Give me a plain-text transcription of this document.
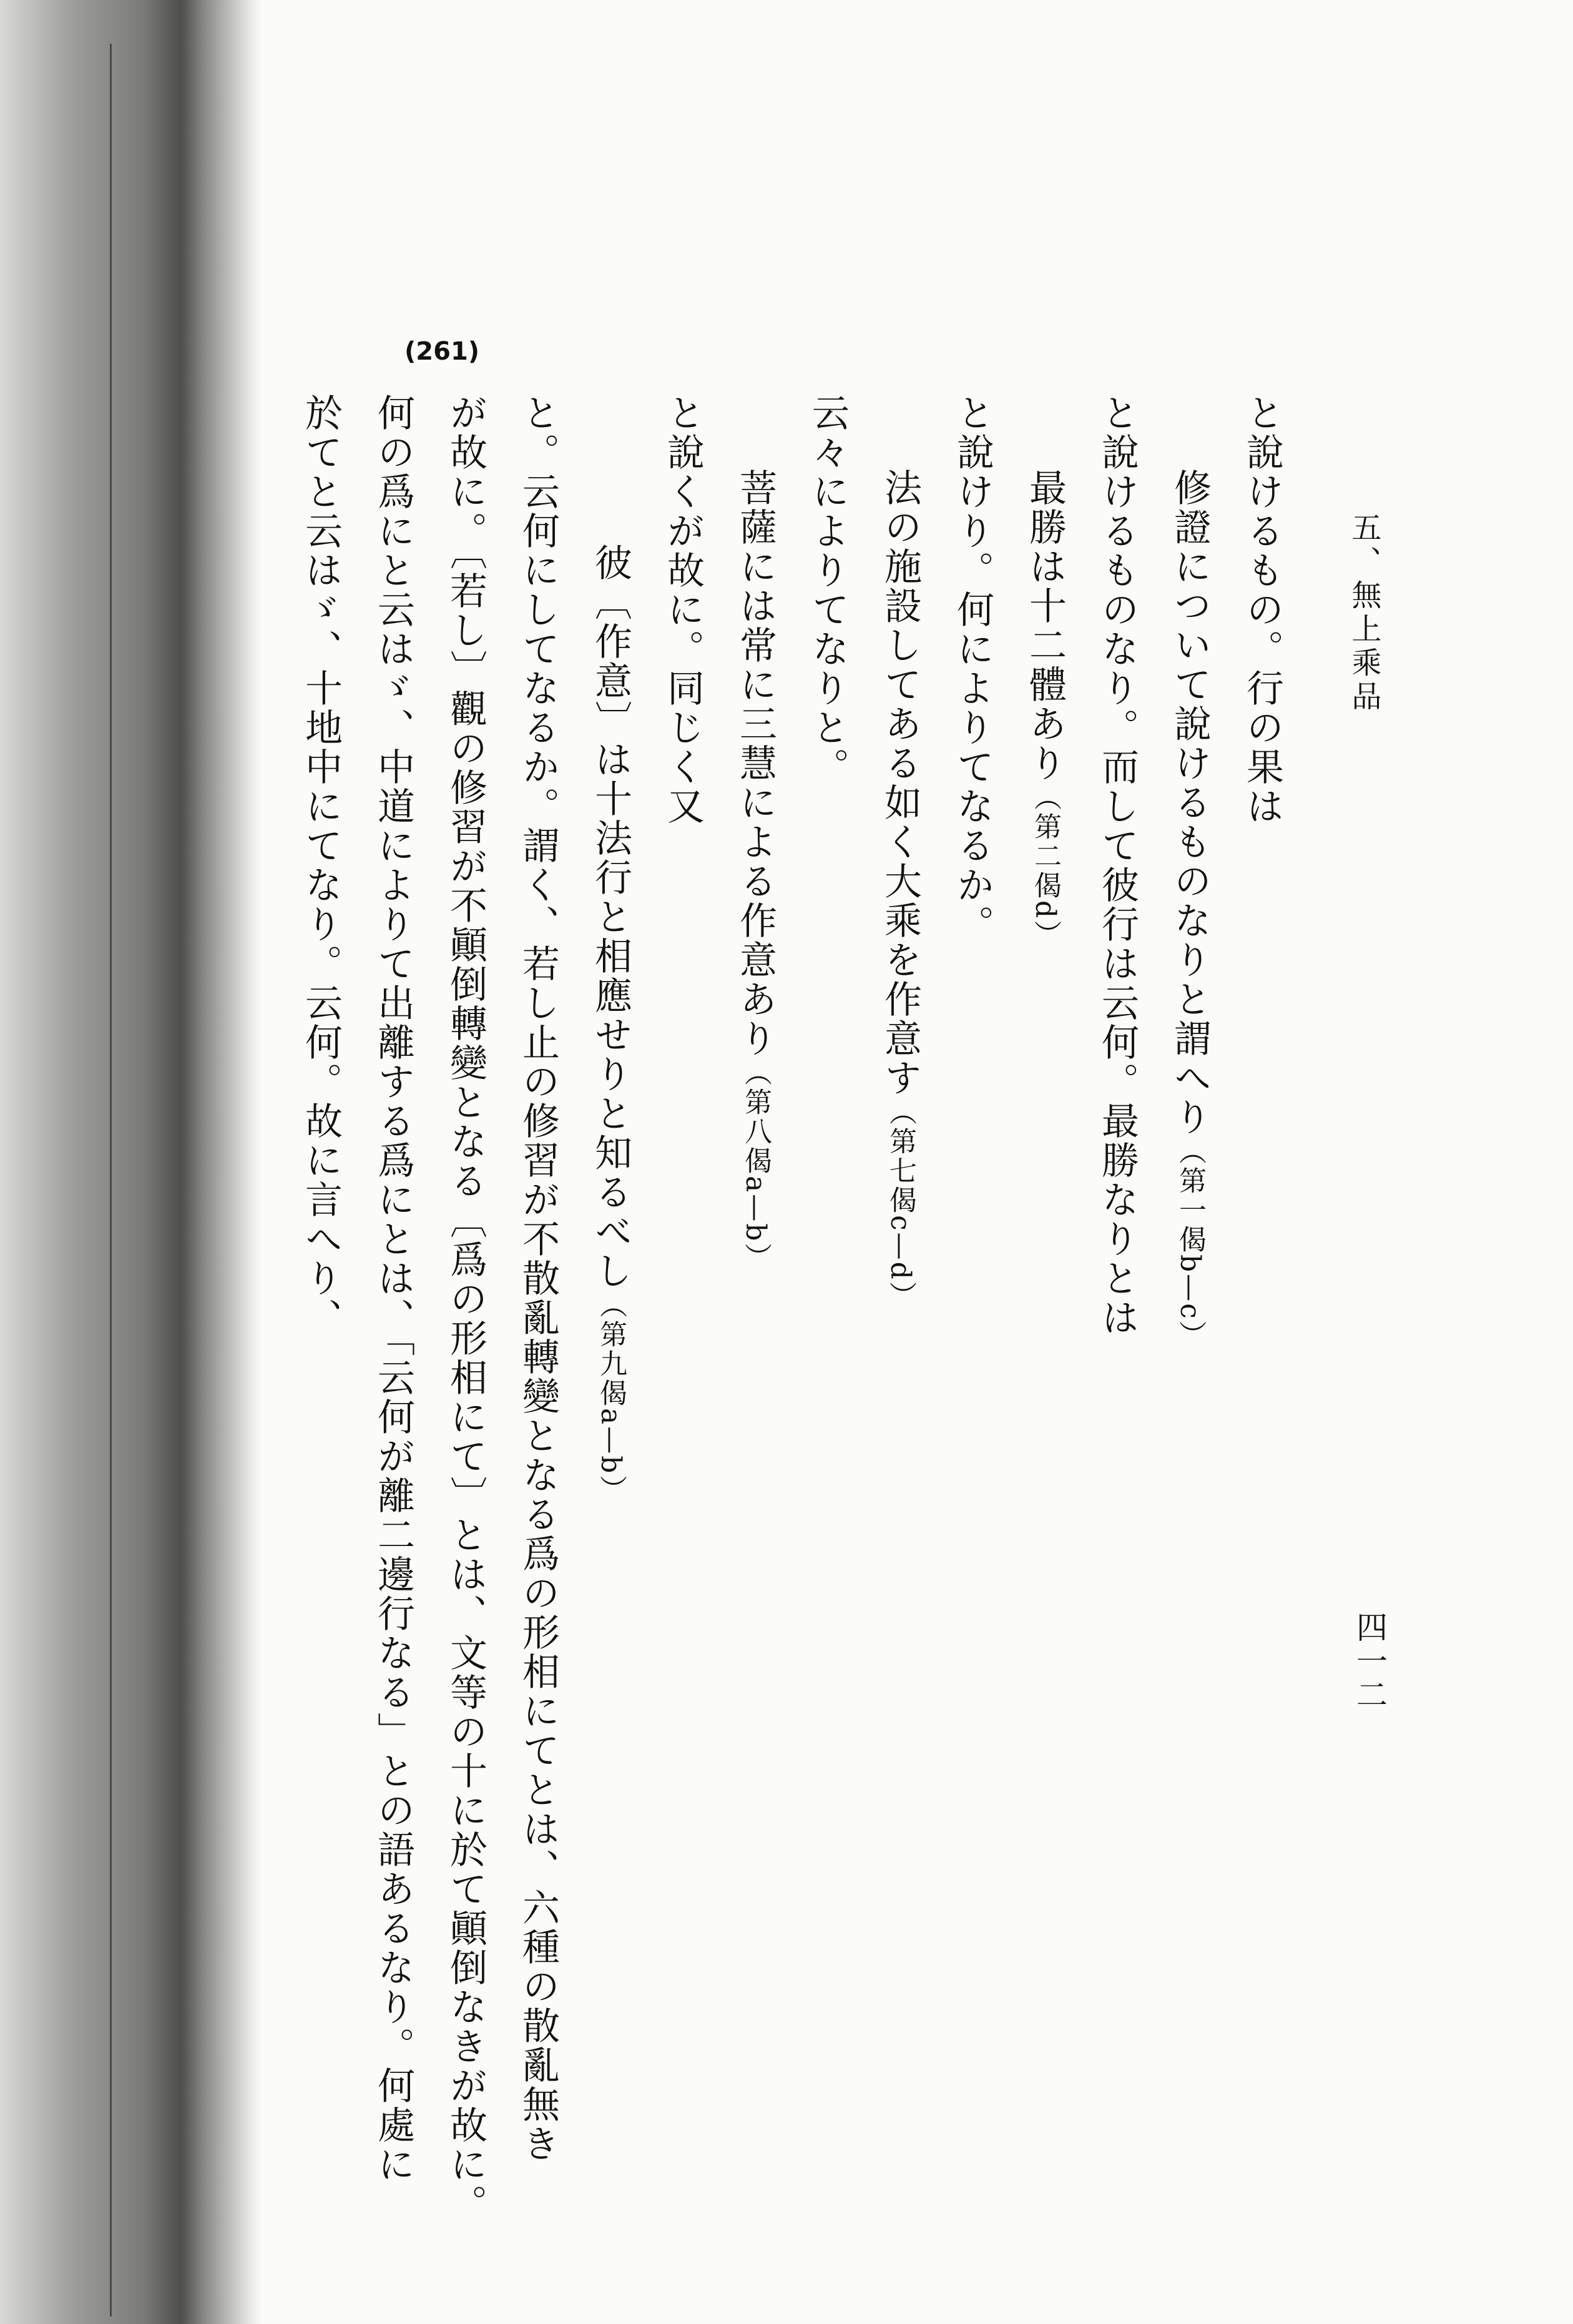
五、無上乘品
四一二
(261)
と說けるもの。行の果は
修證について說けるものなりと謂へり（第一偈b—c）
と說けるものなり。而して彼行は云何。最勝なりとは
最勝は十二體あり（第二偈d）
と說けり。何によりてなるか。
法の施設してある如く大乘を作意す（第七偈c—d）
云々によりてなりと。
菩薩には常に三慧による作意あり（第八偈a—b）
と說くが故に。同じく又
彼〔作意〕は十法行と相應せりと知るべし（第九偈a—b）
と。云何にしてなるか。謂く、若し止の修習が不散亂轉變となる爲の形相にてとは、六種の散亂無き
が故に。〔若し〕觀の修習が不顚倒轉變となる〔爲の形相にて〕とは、文等の十に於て顚倒なきが故に。
何の爲にと云はゞ、中道によりて出離する爲にとは、「云何が離二邊行なる」との語あるなり。何處に
於てと云はゞ、十地中にてなり。云何。故に言へり、
